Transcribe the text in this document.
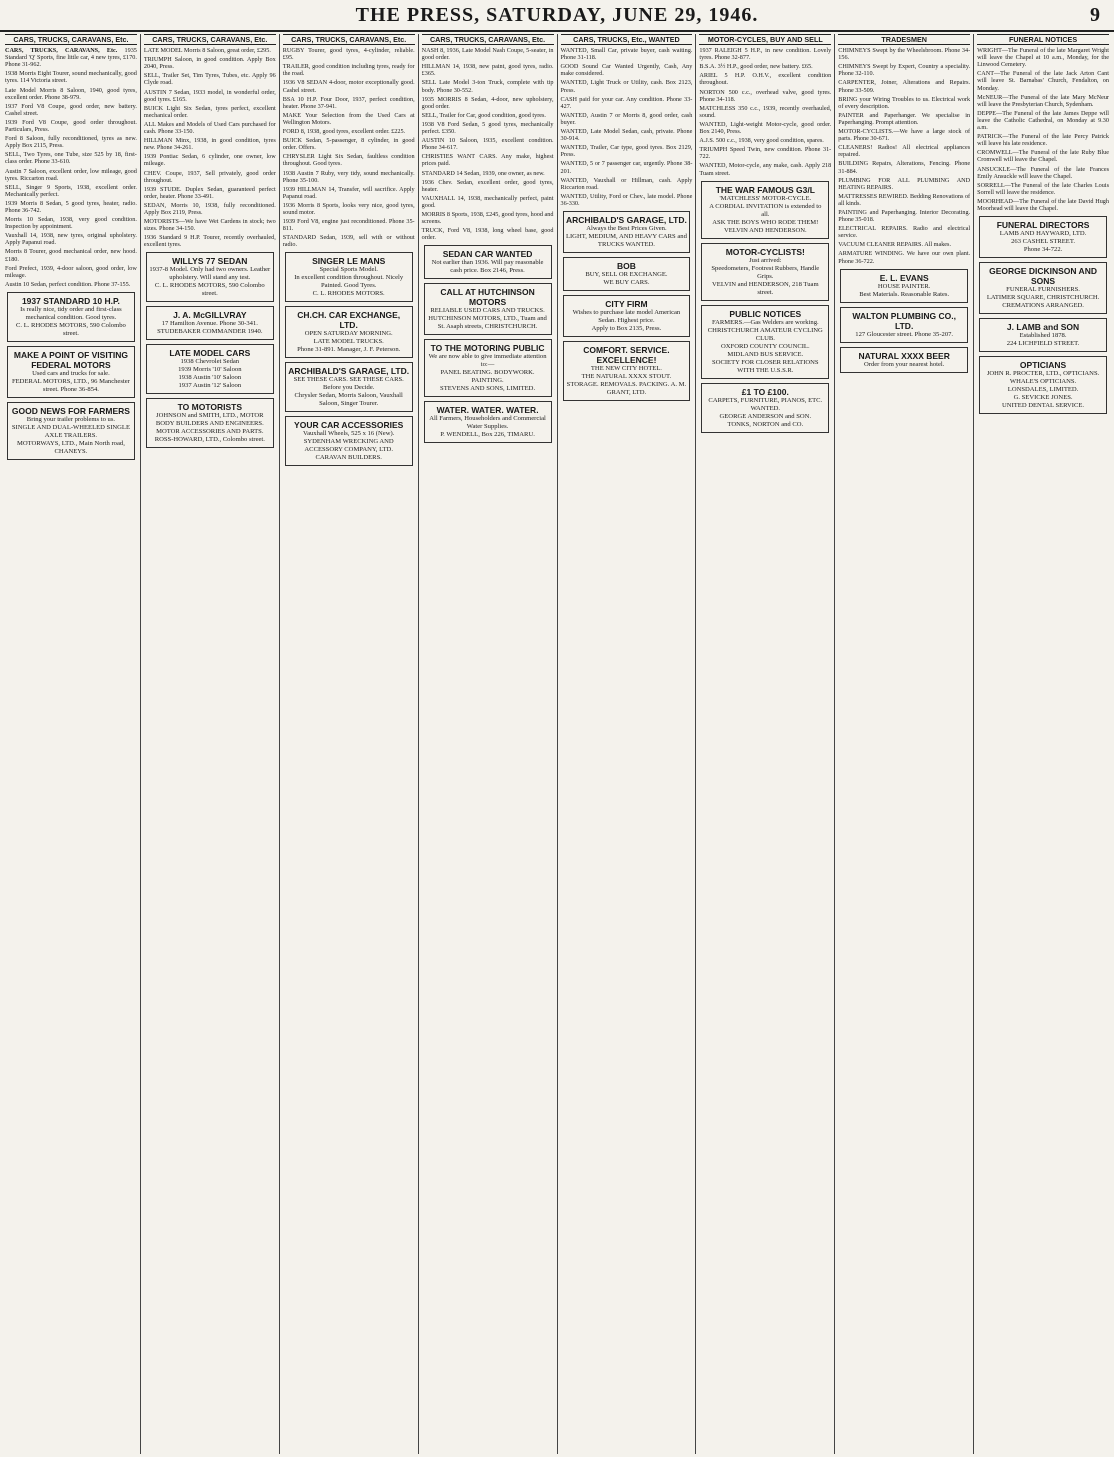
THE PRESS, SATURDAY, JUNE 29, 1946.	9
CARS, TRUCKS, CARAVANS, Etc.
CARS, TRUCKS, CARAVANS, Etc. 1935 Standard 'Q' Sports, fine little car, 4 new tyres, £170. Phone 31-962.
1938 Morris Eight Tourer, sound mechanically, good tyres. 114 Victoria street.
Late Model Morris 8 Saloon, 1940, good tyres, excellent order. Phone 38-979.
1937 Ford V8 Coupe, good order, new battery. Cashel street.
1939 Ford V8 Coupe, good order throughout. Particulars, Press.
Ford 8 Saloon, fully reconditioned, tyres as new. Apply Box 2115, Press.
SELL, Two Tyres, one Tube, size 525 by 18, first-class order. Phone 33-610.
Austin 7 Saloon, excellent order, low mileage, good tyres. Riccarton road.
SELL, Singer 9 Sports, 1938, excellent order. Mechanically perfect.
1939 Morris 8 Sedan, 5 good tyres, heater, radio. Phone 36-742.
Morris 10 Sedan, 1938, very good condition. Inspection by appointment.
Vauxhall 14, 1938, new tyres, original upholstery. Apply Papanui road.
Morris 8 Tourer, good mechanical order, new hood. £180.
Ford Prefect, 1939, 4-door saloon, good order, low mileage.
Austin 10 Sedan, perfect condition. Phone 37-155.
1937 STANDARD 10 H.P.
Is really nice, tidy order and first-class mechanical condition. Good tyres.
C. L. RHODES MOTORS, 590 Colombo street.
MAKE A POINT OF VISITING FEDERAL MOTORS
Used cars and trucks for sale.
FEDERAL MOTORS, LTD., 96 Manchester street. Phone 36-854.
GOOD NEWS FOR FARMERS
Bring your trailer problems to us.
SINGLE AND DUAL-WHEELED SINGLE AXLE TRAILERS.
MOTORWAYS, LTD., Main North road, CHANEYS.
CARS, TRUCKS, CARAVANS, Etc.
LATE MODEL Morris 8 Saloon, great order, £295.
TRIUMPH Saloon, in good condition. Apply Box 2040, Press.
SELL, Trailer Set, Tim Tyres, Tubes, etc. Apply 96 Clyde road.
AUSTIN 7 Sedan, 1933 model, in wonderful order, good tyres. £165.
BUICK Light Six Sedan, tyres perfect, excellent mechanical order.
ALL Makes and Models of Used Cars purchased for cash. Phone 33-150.
HILLMAN Minx, 1938, in good condition, tyres new. Phone 34-261.
1939 Pontiac Sedan, 6 cylinder, one owner, low mileage.
CHEV. Coupe, 1937, Sell privately, good order throughout.
1939 STUDE. Duplex Sedan, guaranteed perfect order, heater. Phone 33-491.
SEDAN, Morris 10, 1938, fully reconditioned. Apply Box 2119, Press.
MOTORISTS—We have Wet Cardens in stock; two sizes. Phone 34-150.
1936 Standard 9 H.P. Tourer, recently overhauled, excellent tyres.
WILLYS 77 SEDAN
1937-8 Model. Only had two owners. Leather upholstery. Will stand any test.
C. L. RHODES MOTORS, 590 Colombo street.
J. A. McGILLVRAY
17 Hamilton Avenue. Phone 30-341.
STUDEBAKER COMMANDER 1940.
LATE MODEL CARS
1938 Chevrolet Sedan
1939 Morris '10' Saloon
1938 Austin '10' Saloon
1937 Austin '12' Saloon
TO MOTORISTS
JOHNSON and SMITH, LTD., MOTOR BODY BUILDERS AND ENGINEERS.
MOTOR ACCESSORIES AND PARTS.
ROSS-HOWARD, LTD., Colombo street.
CARS, TRUCKS, CARAVANS, Etc.
RUGBY Tourer, good tyres, 4-cylinder, reliable. £95.
TRAILER, good condition including tyres, ready for the road.
1936 V8 SEDAN 4-door, motor exceptionally good. Cashel street.
BSA 10 H.P. Four Door, 1937, perfect condition, heater. Phone 37-941.
MAKE Your Selection from the Used Cars at Wellington Motors.
FORD 8, 1938, good tyres, excellent order. £225.
BUICK Sedan, 5-passenger, 8 cylinder, in good order. Offers.
CHRYSLER Light Six Sedan, faultless condition throughout. Good tyres.
1938 Austin 7 Ruby, very tidy, sound mechanically. Phone 35-100.
1939 HILLMAN 14, Transfer, will sacrifice. Apply Papanui road.
1936 Morris 8 Sports, looks very nice, good tyres, sound motor.
1939 Ford V8, engine just reconditioned. Phone 35-811.
STANDARD Sedan, 1939, sell with or without radio.
SINGER LE MANS
Special Sports Model.
In excellent condition throughout. Nicely Painted. Good Tyres.
C. L. RHODES MOTORS.
CH.CH. CAR EXCHANGE, LTD.
OPEN SATURDAY MORNING.
LATE MODEL TRUCKS.
Phone 31-891. Manager, J. F. Peterson.
ARCHIBALD'S GARAGE, LTD.
SEE THESE CARS. SEE THESE CARS. Before you Decide.
Chrysler Sedan, Morris Saloon, Vauxhall Saloon, Singer Tourer.
YOUR CAR ACCESSORIES
Vauxhall Wheels, 525 x 16 (New).
SYDENHAM WRECKING AND ACCESSORY COMPANY, LTD.
CARAVAN BUILDERS.
CARS, TRUCKS, CARAVANS, Etc.
NASH 8, 1936, Late Model Nash Coupe, 5-seater, in good order.
HILLMAN 14, 1938, new paint, good tyres, radio. £365.
SELL Late Model 3-ton Truck, complete with tip body. Phone 30-552.
1935 MORRIS 8 Sedan, 4-door, new upholstery, good order.
SELL, Trailer for Car, good condition, good tyres.
1938 V8 Ford Sedan, 5 good tyres, mechanically perfect. £350.
AUSTIN 10 Saloon, 1935, excellent condition. Phone 34-617.
CHRISTIES WANT CARS. Any make, highest prices paid.
STANDARD 14 Sedan, 1939, one owner, as new.
1936 Chev. Sedan, excellent order, good tyres, heater.
VAUXHALL 14, 1938, mechanically perfect, paint good.
MORRIS 8 Sports, 1938, £245, good tyres, hood and screens.
TRUCK, Ford V8, 1938, long wheel base, good order.
SEDAN CAR WANTED
Not earlier than 1936. Will pay reasonable cash price. Box 2146, Press.
CALL AT HUTCHINSON MOTORS
RELIABLE USED CARS AND TRUCKS.
HUTCHINSON MOTORS, LTD., Tuam and St. Asaph streets, CHRISTCHURCH.
TO THE MOTORING PUBLIC
We are now able to give immediate attention to:—
PANEL BEATING. BODYWORK. PAINTING.
STEVENS AND SONS, LIMITED.
WATER. WATER. WATER.
All Farmers, Householders and Commercial Water Supplies.
P. WENDELL, Box 226, TIMARU.
CARS, TRUCKS, Etc., WANTED
WANTED, Small Car, private buyer, cash waiting. Phone 31-118.
GOOD Sound Car Wanted Urgently, Cash, Any make considered.
WANTED, Light Truck or Utility, cash. Box 2123, Press.
CASH paid for your car. Any condition. Phone 33-427.
WANTED, Austin 7 or Morris 8, good order, cash buyer.
WANTED, Late Model Sedan, cash, private. Phone 30-914.
WANTED, Trailer, Car type, good tyres. Box 2129, Press.
WANTED, 5 or 7 passenger car, urgently. Phone 38-201.
WANTED, Vauxhall or Hillman, cash. Apply Riccarton road.
WANTED, Utility, Ford or Chev., late model. Phone 36-330.
ARCHIBALD'S GARAGE, LTD.
Always the Best Prices Given.
LIGHT, MEDIUM, AND HEAVY CARS and TRUCKS WANTED.
BOB
BUY, SELL OR EXCHANGE.
WE BUY CARS.
CITY FIRM
Wishes to purchase late model American Sedan. Highest price.
Apply to Box 2135, Press.
COMFORT. SERVICE. EXCELLENCE!
THE NEW CITY HOTEL.
THE NATURAL XXXX STOUT.
STORAGE. REMOVALS. PACKING. A. M. GRANT, LTD.
MOTOR-CYCLES, BUY AND SELL
1937 RALEIGH 5 H.P., in new condition. Lovely tyres. Phone 32-877.
B.S.A. 3½ H.P., good order, new battery. £65.
ARIEL 5 H.P. O.H.V., excellent condition throughout.
NORTON 500 c.c., overhead valve, good tyres. Phone 34-118.
MATCHLESS 350 c.c., 1939, recently overhauled, sound.
WANTED, Light-weight Motor-cycle, good order. Box 2140, Press.
A.J.S. 500 c.c., 1938, very good condition, spares.
TRIUMPH Speed Twin, new condition. Phone 31-722.
WANTED, Motor-cycle, any make, cash. Apply 218 Tuam street.
THE WAR FAMOUS G3/L
'MATCHLESS' MOTOR-CYCLE.
A CORDIAL INVITATION is extended to all.
ASK THE BOYS WHO RODE THEM!
VELVIN AND HENDERSON.
MOTOR-CYCLISTS!
Just arrived:
Speedometers, Footrest Rubbers, Handle Grips.
VELVIN and HENDERSON, 218 Tuam street.
PUBLIC NOTICES
FARMERS.—Gas Welders are working.
CHRISTCHURCH AMATEUR CYCLING CLUB.
OXFORD COUNTY COUNCIL.
MIDLAND BUS SERVICE.
SOCIETY FOR CLOSER RELATIONS WITH THE U.S.S.R.
£1 TO £100.
CARPETS, FURNITURE, PIANOS, ETC. WANTED.
GEORGE ANDERSON and SON.
TONKS, NORTON and CO.
TRADESMEN
CHIMNEYS Swept by the Wheelsbroom. Phone 34-156.
CHIMNEYS Swept by Expert, Country a speciality. Phone 32-110.
CARPENTER, Joiner, Alterations and Repairs. Phone 33-509.
BRING your Wiring Troubles to us. Electrical work of every description.
PAINTER and Paperhanger. We specialise in Paperhanging. Prompt attention.
MOTOR-CYCLISTS.—We have a large stock of parts. Phone 30-671.
CLEANERS! Radios! All electrical appliances repaired.
BUILDING Repairs, Alterations, Fencing. Phone 31-884.
PLUMBING FOR ALL PLUMBING AND HEATING REPAIRS.
MATTRESSES REWIRED. Bedding Renovations of all kinds.
PAINTING and Paperhanging. Interior Decorating. Phone 35-018.
ELECTRICAL REPAIRS. Radio and electrical service.
VACUUM CLEANER REPAIRS. All makes.
ARMATURE WINDING. We have our own plant. Phone 36-722.
E. L. EVANS
HOUSE PAINTER.
Best Materials. Reasonable Rates.
WALTON PLUMBING CO., LTD.
127 Gloucester street. Phone 35-207.
NATURAL XXXX BEER
Order from your nearest hotel.
FUNERAL NOTICES
WRIGHT—The Funeral of the late Margaret Wright will leave the Chapel at 10 a.m., Monday, for the Linwood Cemetery.
CANT—The Funeral of the late Jack Arton Cant will leave St. Barnabas' Church, Fendalton, on Monday.
McNEUR—The Funeral of the late Mary McNeur will leave the Presbyterian Church, Sydenham.
DEPPE—The Funeral of the late James Deppe will leave the Catholic Cathedral, on Monday at 9.30 a.m.
PATRICK—The Funeral of the late Percy Patrick will leave his late residence.
CROMWELL—The Funeral of the late Ruby Blue Cromwell will leave the Chapel.
ANSUCKLE—The Funeral of the late Frances Emily Ansuckle will leave the Chapel.
SORRELL—The Funeral of the late Charles Louis Sorrell will leave the residence.
MOORHEAD—The Funeral of the late David Hugh Moorhead will leave the Chapel.
FUNERAL DIRECTORS
LAMB AND HAYWARD, LTD.
263 CASHEL STREET.
Phone 34-722.
GEORGE DICKINSON AND SONS
FUNERAL FURNISHERS.
LATIMER SQUARE, CHRISTCHURCH.
CREMATIONS ARRANGED.
J. LAMB and SON
Established 1878.
224 LICHFIELD STREET.
OPTICIANS
JOHN R. PROCTER, LTD., OPTICIANS.
WHALE'S OPTICIANS.
LONSDALES, LIMITED.
G. SEVICKE JONES.
UNITED DENTAL SERVICE.
